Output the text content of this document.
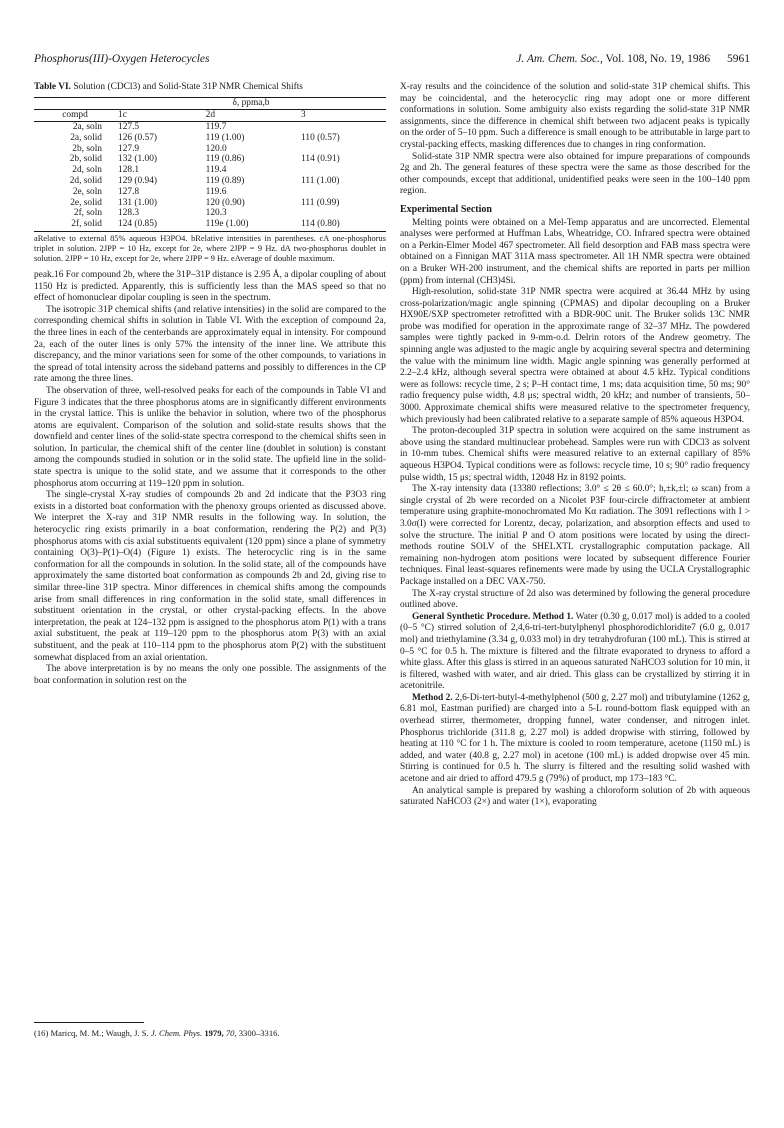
Phosphorus(III)-Oxygen Heterocycles	J. Am. Chem. Soc., Vol. 108, No. 19, 1986 5961
Table VI. Solution (CDCl3) and Solid-State 31P NMR Chemical Shifts
	δ, ppma,b		
compd	1c	2d	3
2a, soln	127.5	119.7	
2a, solid	126 (0.57)	119 (1.00)	110 (0.57)
2b, soln	127.9	120.0	
2b, solid	132 (1.00)	119 (0.86)	114 (0.91)
2d, soln	128.1	119.4	
2d, solid	129 (0.94)	119 (0.89)	111 (1.00)
2e, soln	127.8	119.6	
2e, solid	131 (1.00)	120 (0.90)	111 (0.99)
2f, soln	128.3	120.3	
2f, solid	124 (0.85)	119e (1.00)	114 (0.80)
aRelative to external 85% aqueous H3PO4. bRelative intensities in parentheses. cA one-phosphorus triplet in solution. 2JPP = 10 Hz, except for 2e, where 2JPP = 9 Hz. dA two-phosphorus doublet in solution. 2JPP = 10 Hz, except for 2e, where 2JPP = 9 Hz. eAverage of double maximum.

peak.16 For compound 2b, where the 31P–31P distance is 2.95 Å, a dipolar coupling of about 1150 Hz is predicted. Apparently, this is sufficiently less than the MAS speed so that no effect of homonuclear dipolar coupling is seen in the spectrum.

The isotropic 31P chemical shifts (and relative intensities) in the solid are compared to the corresponding chemical shifts in solution in Table VI. With the exception of compound 2a, the three lines in each of the centerbands are approximately equal in intensity. For compound 2a, each of the outer lines is only 57% the intensity of the inner line. We attribute this discrepancy, and the minor variations seen for some of the other compounds, to variations in the spread of total intensity across the sideband patterns and possibly to differences in the CP rate among the three lines.

The observation of three, well-resolved peaks for each of the compounds in Table VI and Figure 3 indicates that the three phosphorus atoms are in significantly different environments in the crystal lattice. This is unlike the behavior in solution, where two of the phosphorus atoms are equivalent. Comparison of the solution and solid-state results shows that the downfield and center lines of the solid-state spectra correspond to the chemical shifts seen in solution. In particular, the chemical shift of the center line (doublet in solution) is constant among the compounds studied in solution or in the solid state. The upfield line in the solid-state spectra is unique to the solid state, and we assume that it corresponds to the other phosphorus atom occurring at 119–120 ppm in solution.

The single-crystal X-ray studies of compounds 2b and 2d indicate that the P3O3 ring exists in a distorted boat conformation with the phenoxy groups oriented as discussed above. We interpret the X-ray and 31P NMR results in the following way. In solution, the heterocyclic ring exists primarily in a boat conformation, rendering the P(2) and P(3) phosphorus atoms with cis axial substituents equivalent (120 ppm) since a plane of symmetry containing O(3)–P(1)–O(4) (Figure 1) exists. The heterocyclic ring is in the same conformation for all the compounds in solution. In the solid state, all of the compounds have approximately the same distorted boat conformation as compounds 2b and 2d, giving rise to similar three-line 31P spectra. Minor differences in chemical shifts among the compounds arise from small differences in ring conformation in the solid state, small differences in substituent orientation in the crystal, or other crystal-packing effects. In the above interpretation, the peak at 124–132 ppm is assigned to the phosphorus atom P(1) with a trans axial substituent, the peak at 119–120 ppm to the phosphorus atom P(3) with an axial substituent, and the peak at 110–114 ppm to the phosphorus atom P(2) with the substituent somewhat displaced from an axial orientation.

The above interpretation is by no means the only one possible. The assignments of the boat conformation in solution rest on the

(16) Maricq, M. M.; Waugh, J. S. J. Chem. Phys. 1979, 70, 3300–3316.

X-ray results and the coincidence of the solution and solid-state 31P chemical shifts. This may be coincidental, and the heterocyclic ring may adopt one or more different conformations in solution. Some ambiguity also exists regarding the solid-state 31P NMR assignments, since the difference in chemical shift between two adjacent peaks is typically on the order of 5–10 ppm. Such a difference is small enough to be attributable in large part to crystal-packing effects, masking differences due to changes in ring conformation.

Solid-state 31P NMR spectra were also obtained for impure preparations of compounds 2g and 2h. The general features of these spectra were the same as those described for the other compounds, except that additional, unidentified peaks were seen in the 100–140 ppm region.

Experimental Section

Melting points were obtained on a Mel-Temp apparatus and are uncorrected. Elemental analyses were performed at Huffman Labs, Wheatridge, CO. Infrared spectra were obtained on a Perkin-Elmer Model 467 spectrometer. All field desorption and FAB mass spectra were obtained on a Finnigan MAT 311A mass spectrometer. All 1H NMR spectra were obtained on a Bruker WH-200 instrument, and the chemical shifts are reported in parts per million (ppm) from internal (CH3)4Si.

High-resolution, solid-state 31P NMR spectra were acquired at 36.44 MHz by using cross-polarization/magic angle spinning (CPMAS) and dipolar decoupling on a Bruker HX90E/SXP spectrometer retrofitted with a BDR-90C unit. The Bruker solids 13C NMR probe was modified for operation in the approximate range of 32–37 MHz. The powdered samples were tightly packed in 9-mm-o.d. Delrin rotors of the Andrew geometry. The spinning angle was adjusted to the magic angle by acquiring several spectra and determining the value with the minimum line width. Magic angle spinning was generally performed at 2.2–2.4 kHz, although several spectra were obtained at about 4.5 kHz. Typical conditions were as follows: recycle time, 2 s; P–H contact time, 1 ms; data acquisition time, 50 ms; 90° radio frequency pulse width, 4.8 μs; spectral width, 20 kHz; and number of transients, 50–3000. Approximate chemical shifts were measured relative to the spectrometer frequency, which previously had been calibrated relative to a separate sample of 85% aqueous H3PO4.

The proton-decoupled 31P spectra in solution were acquired on the same instrument as above using the standard multinuclear probehead. Samples were run with CDCl3 as solvent in 10-mm tubes. Chemical shifts were measured relative to an external capillary of 85% aqueous H3PO4. Typical conditions were as follows: recycle time, 10 s; 90° radio frequency pulse width, 15 μs; spectral width, 12048 Hz in 8192 points.

The X-ray intensity data (13380 reflections; 3.0° ≤ 2θ ≤ 60.0°; h,±k,±l; ω scan) from a single crystal of 2b were recorded on a Nicolet P3F four-circle diffractometer at ambient temperature using graphite-monochromated Mo Kα radiation. The 3091 reflections with I > 3.0σ(I) were corrected for Lorentz, decay, polarization, and absorption effects and used to solve the structure. The initial P and O atom positions were located by using the direct-methods routine SOLV of the SHELXTL crystallographic computation package. All remaining non-hydrogen atom positions were located by subsequent difference Fourier techniques. Final least-squares refinements were made by using the UCLA Crystallographic Package installed on a DEC VAX-750.

The X-ray crystal structure of 2d also was determined by following the general procedure outlined above.

General Synthetic Procedure. Method 1. Water (0.30 g, 0.017 mol) is added to a cooled (0–5 °C) stirred solution of 2,4,6-tri-tert-butylphenyl phosphorodichloridite7 (6.0 g, 0.017 mol) and triethylamine (3.34 g, 0.033 mol) in dry tetrahydrofuran (100 mL). This is stirred at 0–5 °C for 0.5 h. The mixture is filtered and the filtrate evaporated to dryness to afford a white glass. After this glass is stirred in an aqueous saturated NaHCO3 solution for 10 min, it is filtered, washed with water, and air dried. This glass can be crystallized by stirring it in acetonitrile.

Method 2. 2,6-Di-tert-butyl-4-methylphenol (500 g, 2.27 mol) and tributylamine (1262 g, 6.81 mol, Eastman purified) are charged into a 5-L round-bottom flask equipped with an overhead stirrer, thermometer, dropping funnel, water condenser, and nitrogen inlet. Phosphorus trichloride (311.8 g, 2.27 mol) is added dropwise with stirring, followed by heating at 110 °C for 1 h. The mixture is cooled to room temperature, acetone (1150 mL) is added, and water (40.8 g, 2.27 mol) in acetone (100 mL) is added dropwise over 45 min. Stirring is continued for 0.5 h. The slurry is filtered and the resulting solid washed with acetone and air dried to afford 479.5 g (79%) of product, mp 173–183 °C.

An analytical sample is prepared by washing a chloroform solution of 2b with aqueous saturated NaHCO3 (2×) and water (1×), evaporating
